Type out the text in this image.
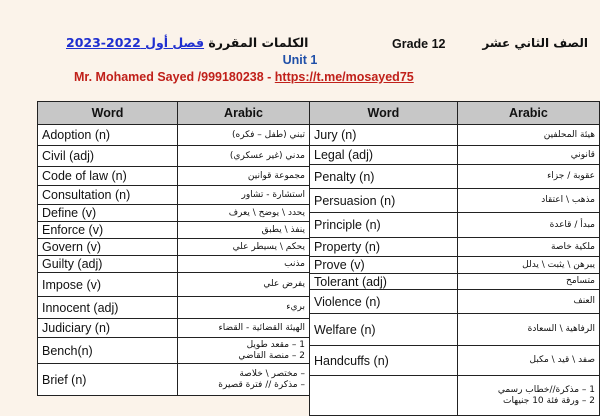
الصف الثاني عشر
Grade 12
الكلمات المقررة فصل أول 2022-2023
Unit 1
Mr. Mohamed Sayed /999180238 - https://t.me/mosayed75
Word	Arabic
Adoption (n)	تبني (طفل – فكره)
Civil (adj)	مدني (غير عسكري)
Code of law (n)	مجموعة قوانين
Consultation (n)	استشارة - تشاور
Define (v)	يحدد \ يوضح \ يعرف
Enforce (v)	ينفذ \ يطبق
Govern (v)	يحكم \ يسيطر علي
Guilty (adj)	مذنب
Impose (v)	يفرض علي
Innocent (adj)	بريء
Judiciary (n)	الهيئة القضائية - القضاء
Bench(n)	1 – مقعد طويل
2 – منصة القاضي
Brief (n)	– مختصر \ خلاصة
– مذكرة // فترة قصيرة
Word	Arabic
Jury (n)	هيئة المحلفين
Legal (adj)	قانوني
Penalty (n)	عقوبة / جزاء
Persuasion (n)	مذهب \ اعتقاد
Principle (n)	مبدأ / قاعدة
Property (n)	ملكية خاصة
Prove (v)	يبرهن \ يثبت \ يدلل
Tolerant (adj)	متسامح
Violence (n)	العنف
Welfare (n)	الرفاهية \ السعادة
Handcuffs (n)	صفد \ قيد \ مكبل
	1 – مذكرة//خطاب رسمي
2 – ورقة فئة 10 جنيهات
